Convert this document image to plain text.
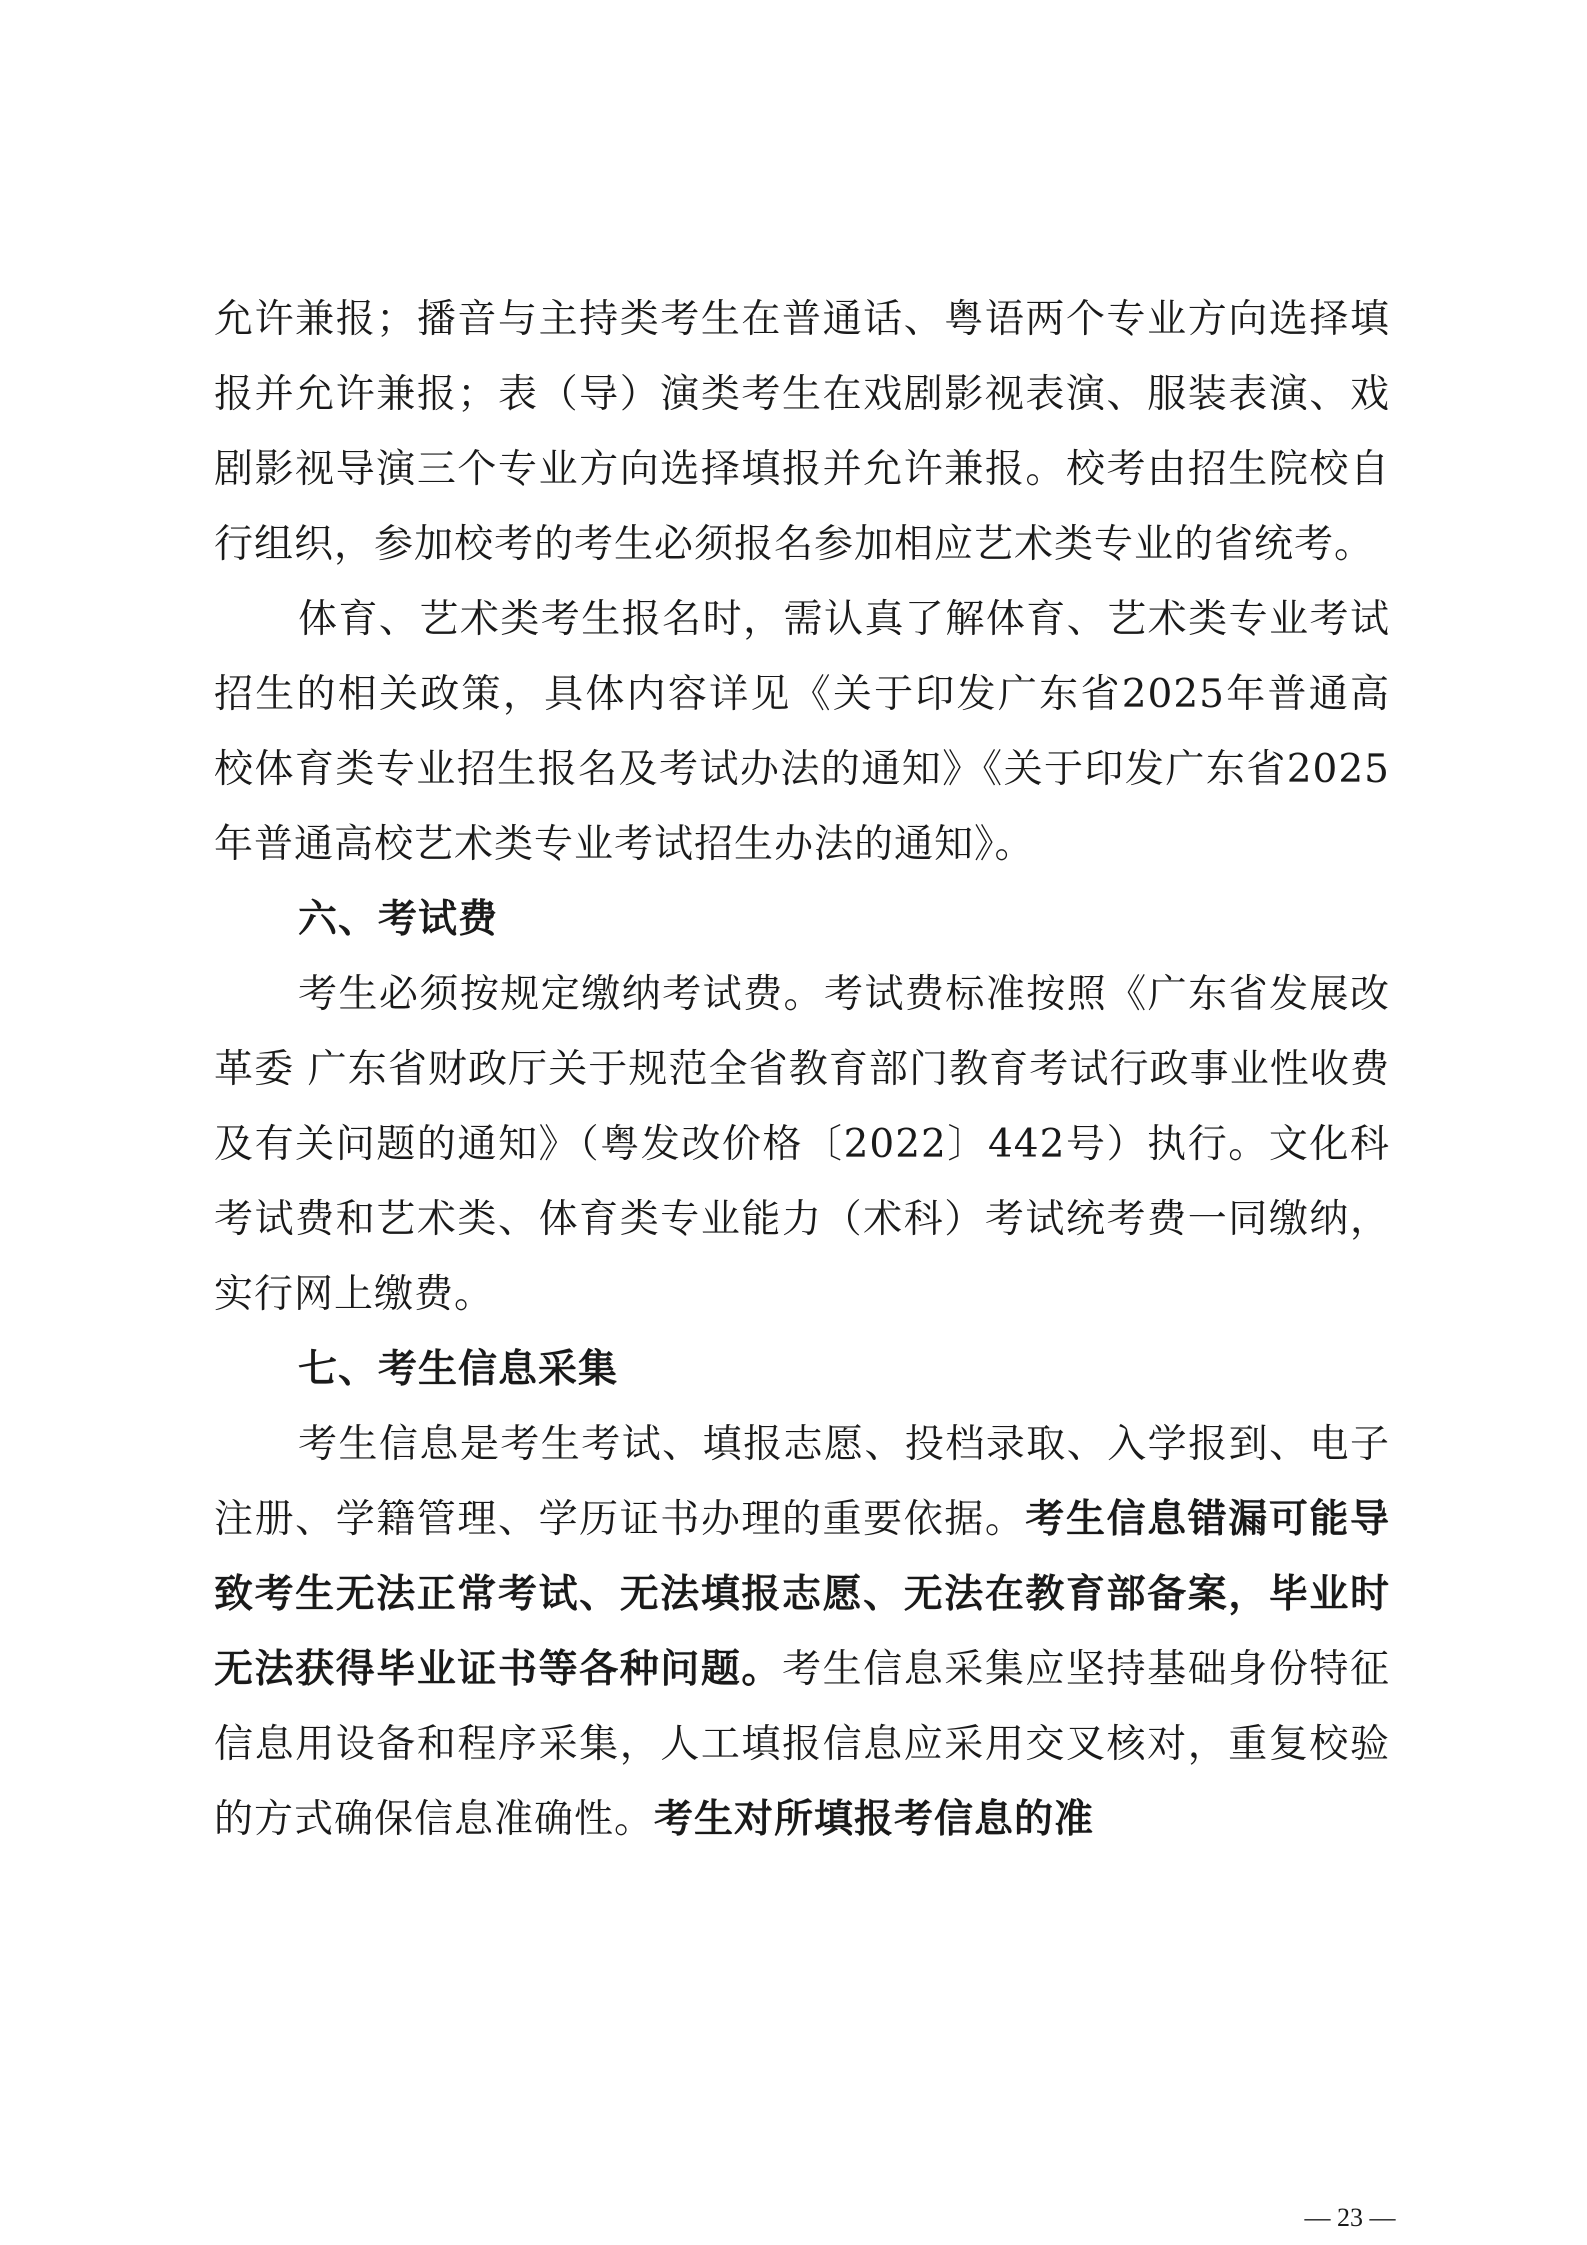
允许兼报；播音与主持类考生在普通话、粤语两个专业方向选择填报并允许兼报；表（导）演类考生在戏剧影视表演、服装表演、戏剧影视导演三个专业方向选择填报并允许兼报。校考由招生院校自行组织，参加校考的考生必须报名参加相应艺术类专业的省统考。

体育、艺术类考生报名时，需认真了解体育、艺术类专业考试招生的相关政策，具体内容详见《关于印发广东省2025年普通高校体育类专业招生报名及考试办法的通知》《关于印发广东省2025年普通高校艺术类专业考试招生办法的通知》。

六、考试费

考生必须按规定缴纳考试费。考试费标准按照《广东省发展改革委 广东省财政厅关于规范全省教育部门教育考试行政事业性收费及有关问题的通知》（粤发改价格〔2022〕442号）执行。文化科考试费和艺术类、体育类专业能力（术科）考试统考费一同缴纳，实行网上缴费。

七、考生信息采集

考生信息是考生考试、填报志愿、投档录取、入学报到、电子注册、学籍管理、学历证书办理的重要依据。考生信息错漏可能导致考生无法正常考试、无法填报志愿、无法在教育部备案，毕业时无法获得毕业证书等各种问题。考生信息采集应坚持基础身份特征信息用设备和程序采集，人工填报信息应采用交叉核对，重复校验的方式确保信息准确性。考生对所填报考信息的准

— 23 —
